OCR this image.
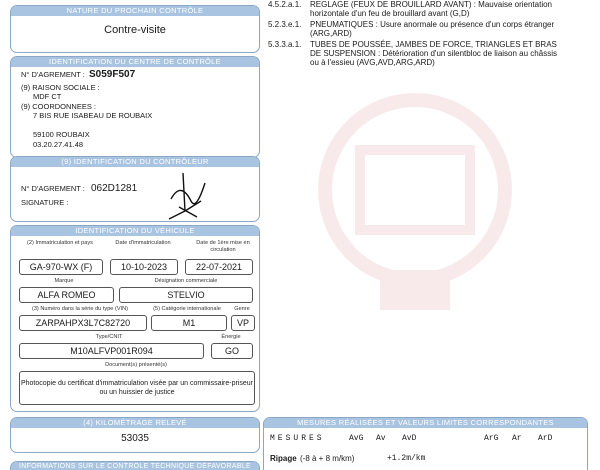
NATURE DU PROCHAIN CONTRÔLE
Contre-visite
IDENTIFICATION DU CENTRE DE CONTRÔLE
N° D'AGREMENT : S059F507
(9) RAISON SOCIALE :
MDF CT
(9) COORDONNEES :
7 BIS RUE ISABEAU DE ROUBAIX
59100 ROUBAIX
03.20.27.41.48
(9) IDENTIFICATION DU CONTRÔLEUR
N° D'AGREMENT : 062D1281
SIGNATURE :
IDENTIFICATION DU VÉHICULE
(2) Immatriculation et pays	Date d'immatriculation	Date de 1ère mise en circulation
GA-970-WX (F)	10-10-2023	22-07-2021
Marque	Désignation commerciale
ALFA ROMEO	STELVIO
(3) Numéro dans la série du type (VIN)	(5) Catégorie internationale	Genre
ZARPAHPX3L7C82720	M1	VP
Type/CNIT	Énergie
M10ALFVP001R094	GO
Document(s) présenté(s)
Photocopie du certificat d'immatriculation visée par un commissaire-priseur ou un huissier de justice
(4) KILOMÉTRAGE RELEVÉ
53035
INFORMATIONS SUR LE CONTRÔLE TECHNIQUE DÉFAVORABLE
4.5.2.a.1.	REGLAGE (FEUX DE BROUILLARD AVANT) : Mauvaise orientation horizontale d'un feu de brouillard avant (G,D)
5.2.3.e.1.	PNEUMATIQUES : Usure anormale ou présence d'un corps étranger (ARG,ARD)
5.3.3.a.1.	TUBES DE POUSSÉE, JAMBES DE FORCE, TRIANGLES ET BRAS DE SUSPENSION : Détérioration d'un silentbloc de liaison au châssis ou à l'essieu (AVG,AVD,ARG,ARD)
MESURES RÉALISÉES ET VALEURS LIMITES CORRESPONDANTES
MESURES	AvG Av AvD	ArG Ar ArD
Ripage (-8 à + 8 m/km)	+1.2m/km
